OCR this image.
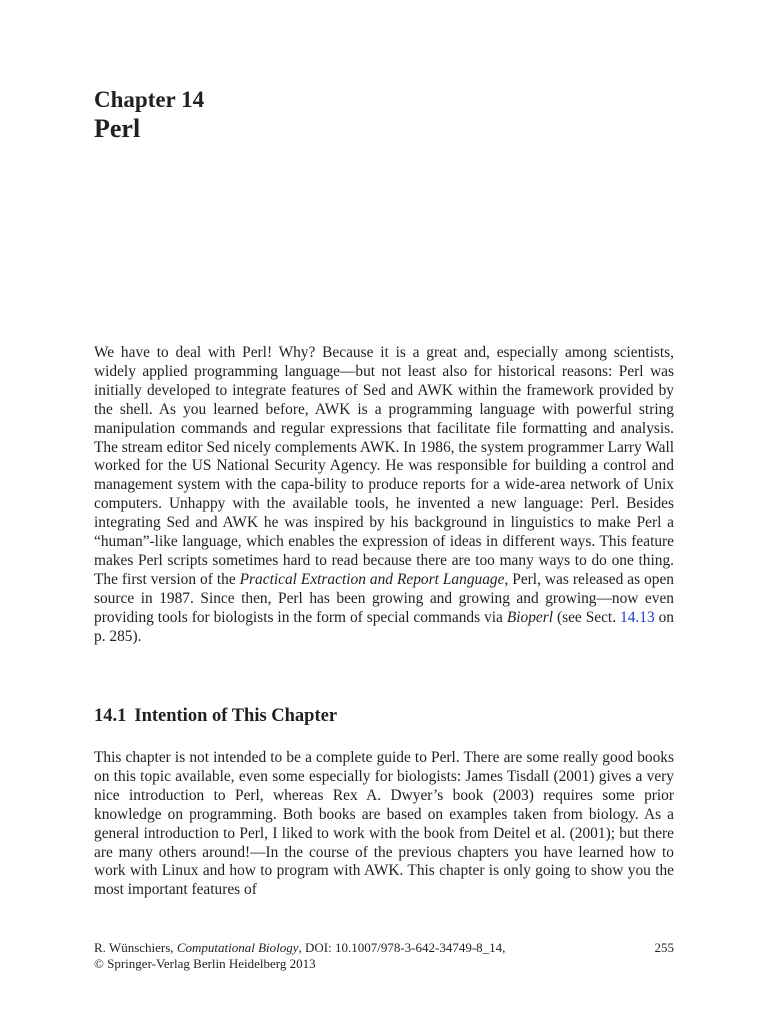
Chapter 14
Perl

We have to deal with Perl! Why? Because it is a great and, especially among scientists, widely applied programming language—but not least also for historical reasons: Perl was initially developed to integrate features of Sed and AWK within the framework provided by the shell. As you learned before, AWK is a programming language with powerful string manipulation commands and regular expressions that facilitate file formatting and analysis. The stream editor Sed nicely complements AWK. In 1986, the system programmer Larry Wall worked for the US National Security Agency. He was responsible for building a control and management system with the capa-bility to produce reports for a wide-area network of Unix computers. Unhappy with the available tools, he invented a new language: Perl. Besides integrating Sed and AWK he was inspired by his background in linguistics to make Perl a “human”-like language, which enables the expression of ideas in different ways. This feature makes Perl scripts sometimes hard to read because there are too many ways to do one thing. The first version of the Practical Extraction and Report Language, Perl, was released as open source in 1987. Since then, Perl has been growing and growing and growing—now even providing tools for biologists in the form of special commands via Bioperl (see Sect. 14.13 on p. 285).

14.1 Intention of This Chapter

This chapter is not intended to be a complete guide to Perl. There are some really good books on this topic available, even some especially for biologists: James Tisdall (2001) gives a very nice introduction to Perl, whereas Rex A. Dwyer’s book (2003) requires some prior knowledge on programming. Both books are based on examples taken from biology. As a general introduction to Perl, I liked to work with the book from Deitel et al. (2001); but there are many others around!—In the course of the previous chapters you have learned how to work with Linux and how to program with AWK. This chapter is only going to show you the most important features of

R. Wünschiers, Computational Biology, DOI: 10.1007/978-3-642-34749-8_14,
© Springer-Verlag Berlin Heidelberg 2013
255
